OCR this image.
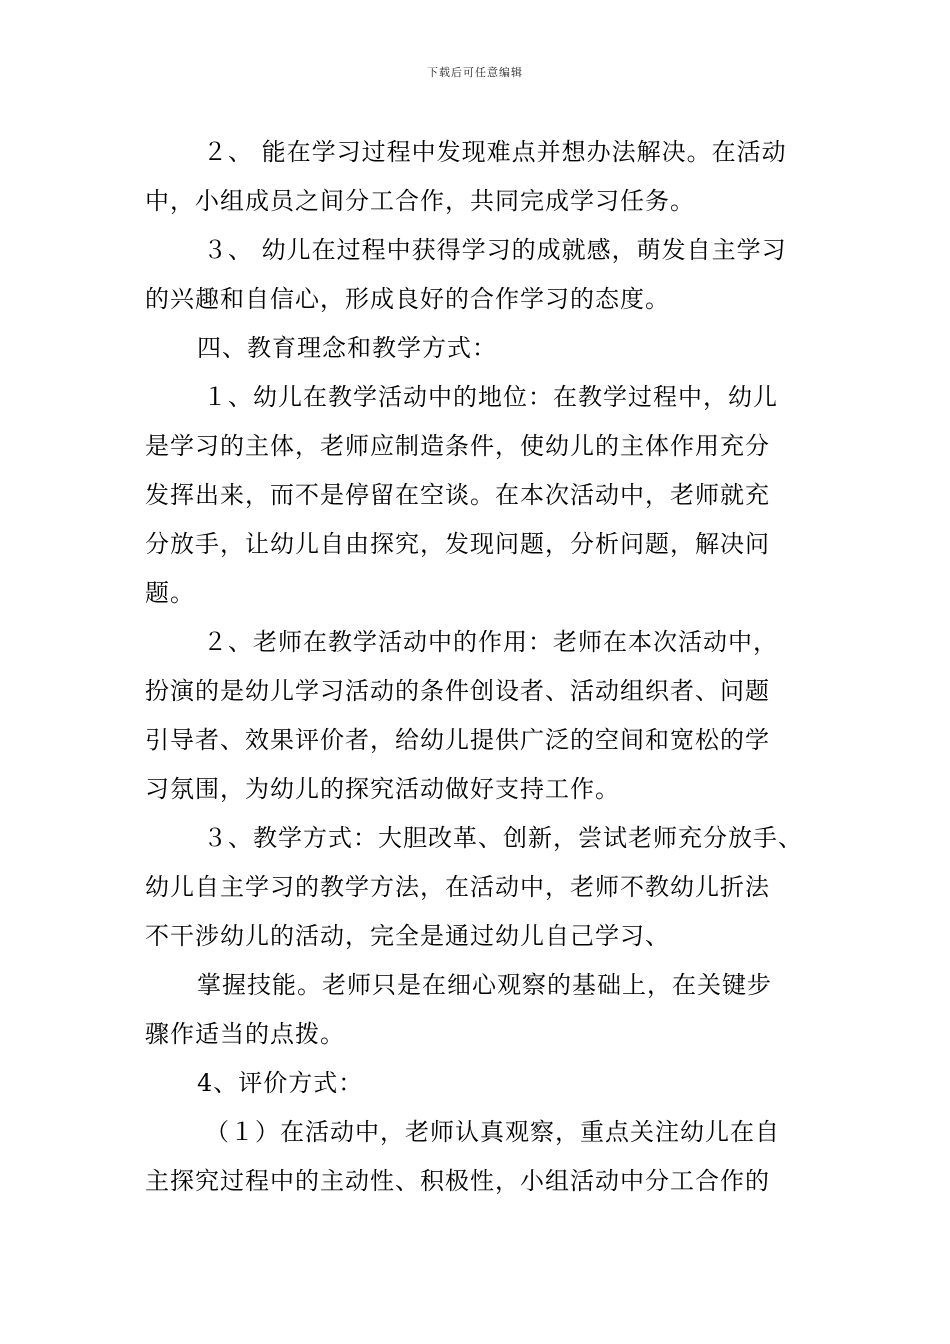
下载后可任意编辑
２、 能在学习过程中发现难点并想办法解决。在活动
中，小组成员之间分工合作，共同完成学习任务。
３、 幼儿在过程中获得学习的成就感，萌发自主学习
的兴趣和自信心，形成良好的合作学习的态度。
四、教育理念和教学方式：
１、幼儿在教学活动中的地位：在教学过程中，幼儿
是学习的主体，老师应制造条件，使幼儿的主体作用充分
发挥出来，而不是停留在空谈。在本次活动中，老师就充
分放手，让幼儿自由探究，发现问题，分析问题，解决问
题。
２、老师在教学活动中的作用：老师在本次活动中，
扮演的是幼儿学习活动的条件创设者、活动组织者、问题
引导者、效果评价者，给幼儿提供广泛的空间和宽松的学
习氛围，为幼儿的探究活动做好支持工作。
３、教学方式：大胆改革、创新，尝试老师充分放手、
幼儿自主学习的教学方法，在活动中，老师不教幼儿折法
不干涉幼儿的活动，完全是通过幼儿自己学习、
掌握技能。老师只是在细心观察的基础上，在关键步
骤作适当的点拨。
4、评价方式：
（１）在活动中，老师认真观察，重点关注幼儿在自
主探究过程中的主动性、积极性，小组活动中分工合作的
